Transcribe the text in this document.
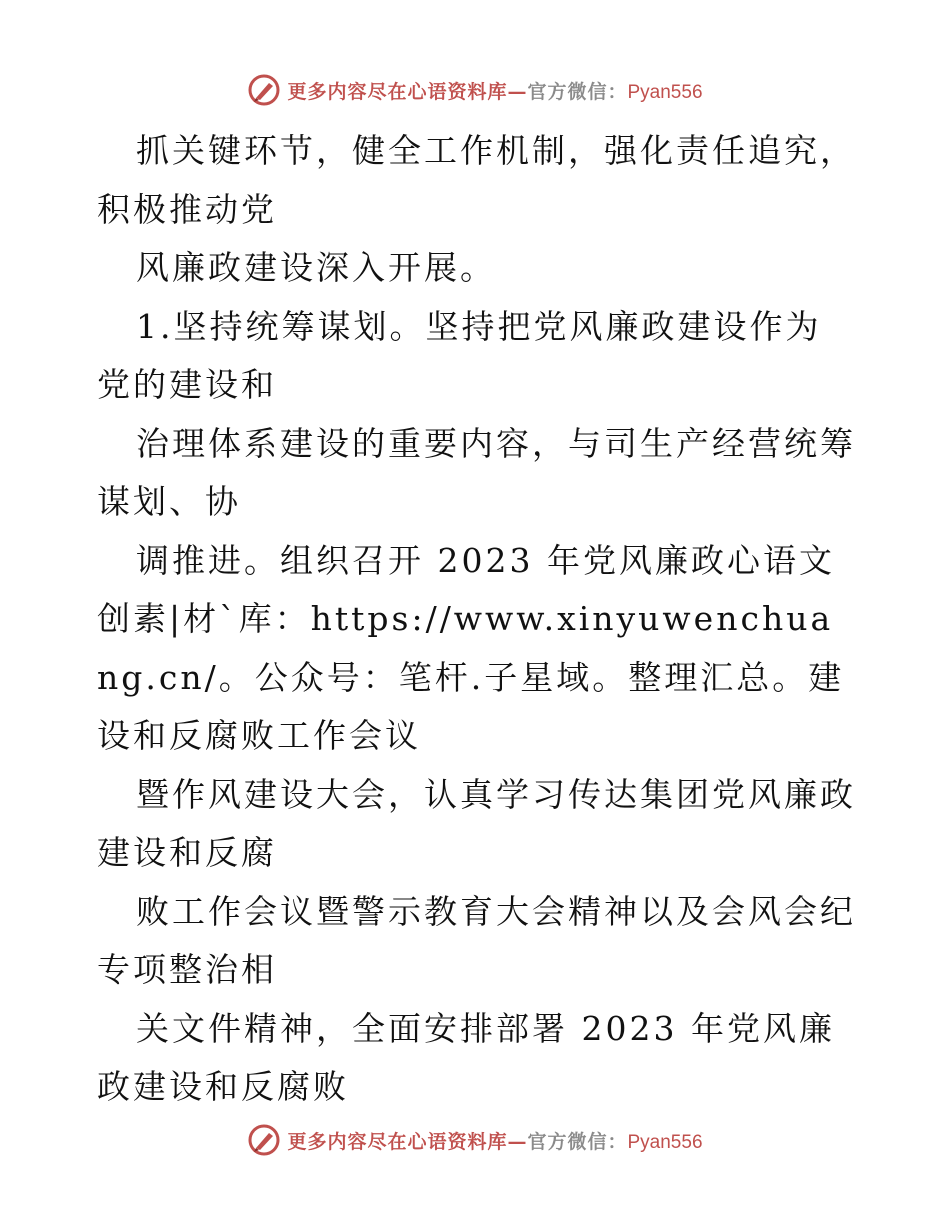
更多内容尽在心语资料库—官方微信：Pyan556

抓关键环节，健全工作机制，强化责任追究，积极推动党

风廉政建设深入开展。

1.坚持统筹谋划。坚持把党风廉政建设作为党的建设和

治理体系建设的重要内容，与司生产经营统筹谋划、协

调推进。组织召开 2023 年党风廉政心语文创素|材`库：https://www.xinyuwenchuang.cn/。公众号：笔杆.子星域。整理汇总。建设和反腐败工作会议

暨作风建设大会，认真学习传达集团党风廉政建设和反腐

败工作会议暨警示教育大会精神以及会风会纪专项整治相

关文件精神，全面安排部署 2023 年党风廉政建设和反腐败

更多内容尽在心语资料库—官方微信：Pyan556
